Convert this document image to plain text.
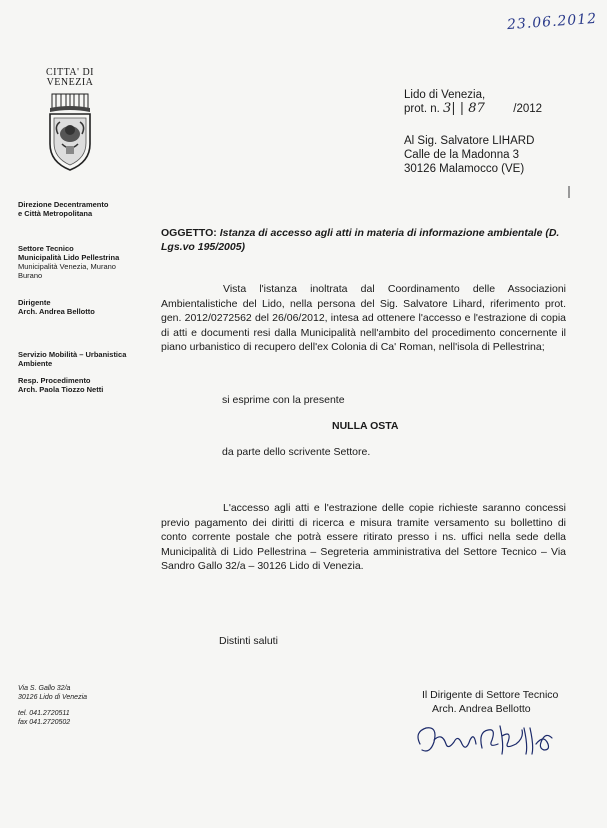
23.06.2012
CITTA' DI
VENEZIA
Lido di Venezia,
prot. n. 3| | 87 /2012
Al Sig. Salvatore LIHARD
Calle de la Madonna 3
30126 Malamocco (VE)
Direzione Decentramento
e Città Metropolitana
Settore Tecnico
Municipalità Lido Pellestrina
Municipalità Venezia, Murano
Burano
Dirigente
Arch. Andrea Bellotto
Servizio Mobilità – Urbanistica
Ambiente
Resp. Procedimento
Arch. Paola Tiozzo Netti
OGGETTO: Istanza di accesso agli atti in materia di informazione ambientale (D. Lgs.vo 195/2005)
Vista l'istanza inoltrata dal Coordinamento delle Associazioni Ambientalistiche del Lido, nella persona del Sig. Salvatore Lihard, riferimento prot. gen. 2012/0272562 del 26/06/2012, intesa ad ottenere l'accesso e l'estrazione di copia di atti e documenti resi dalla Municipalità nell'ambito del procedimento concernente il piano urbanistico di recupero dell'ex Colonia di Ca' Roman, nell'isola di Pellestrina;
si esprime con la presente
NULLA OSTA
da parte dello scrivente Settore.
L'accesso agli atti e l'estrazione delle copie richieste saranno concessi previo pagamento dei diritti di ricerca e misura tramite versamento su bollettino di conto corrente postale che potrà essere ritirato presso i ns. uffici nella sede della Municipalità di Lido Pellestrina – Segreteria amministrativa del Settore Tecnico – Via Sandro Gallo 32/a – 30126 Lido di Venezia.
Distinti saluti
Via S. Gallo 32/a
30126 Lido di Venezia
tel. 041.2720511
fax 041.2720502
Il Dirigente di Settore Tecnico
Arch. Andrea Bellotto
